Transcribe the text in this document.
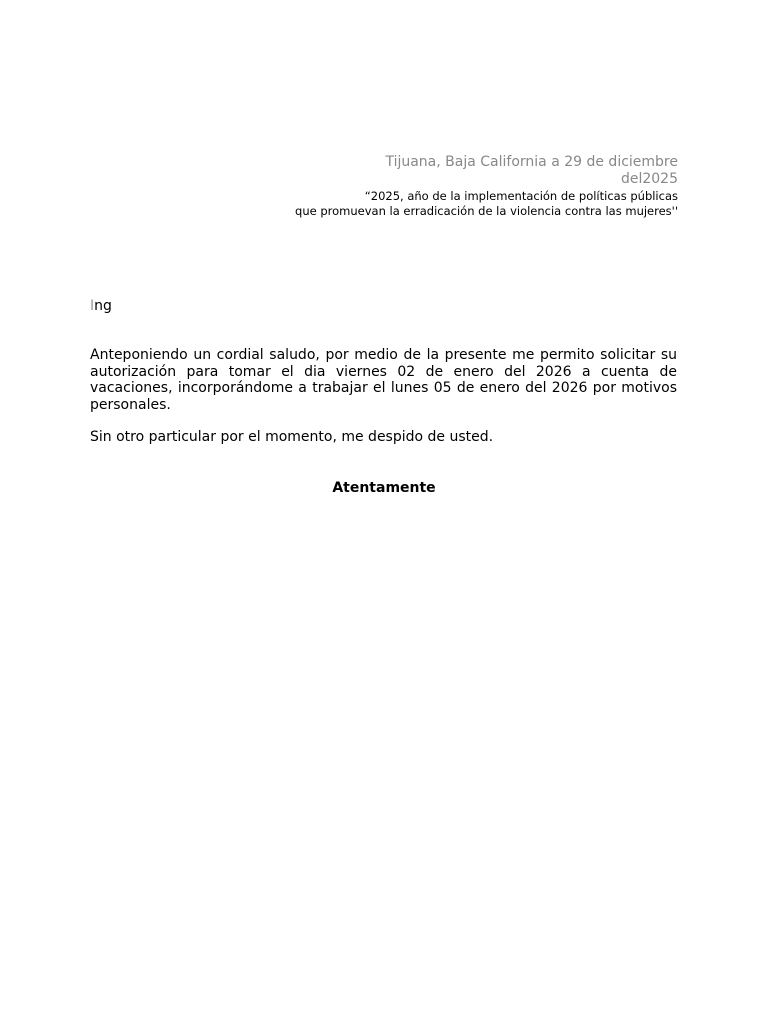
Tijuana, Baja California a 29 de diciembre
del2025
“2025, año de la implementación de políticas públicas
que promuevan la erradicación de la violencia contra las mujeres''
Ing

Anteponiendo un cordial saludo, por medio de la presente me permito solicitar su autorización para tomar el dia viernes 02 de enero del 2026 a cuenta de vacaciones, incorporándome a trabajar el lunes 05 de enero del 2026 por motivos personales.

Sin otro particular por el momento, me despido de usted.

Atentamente
